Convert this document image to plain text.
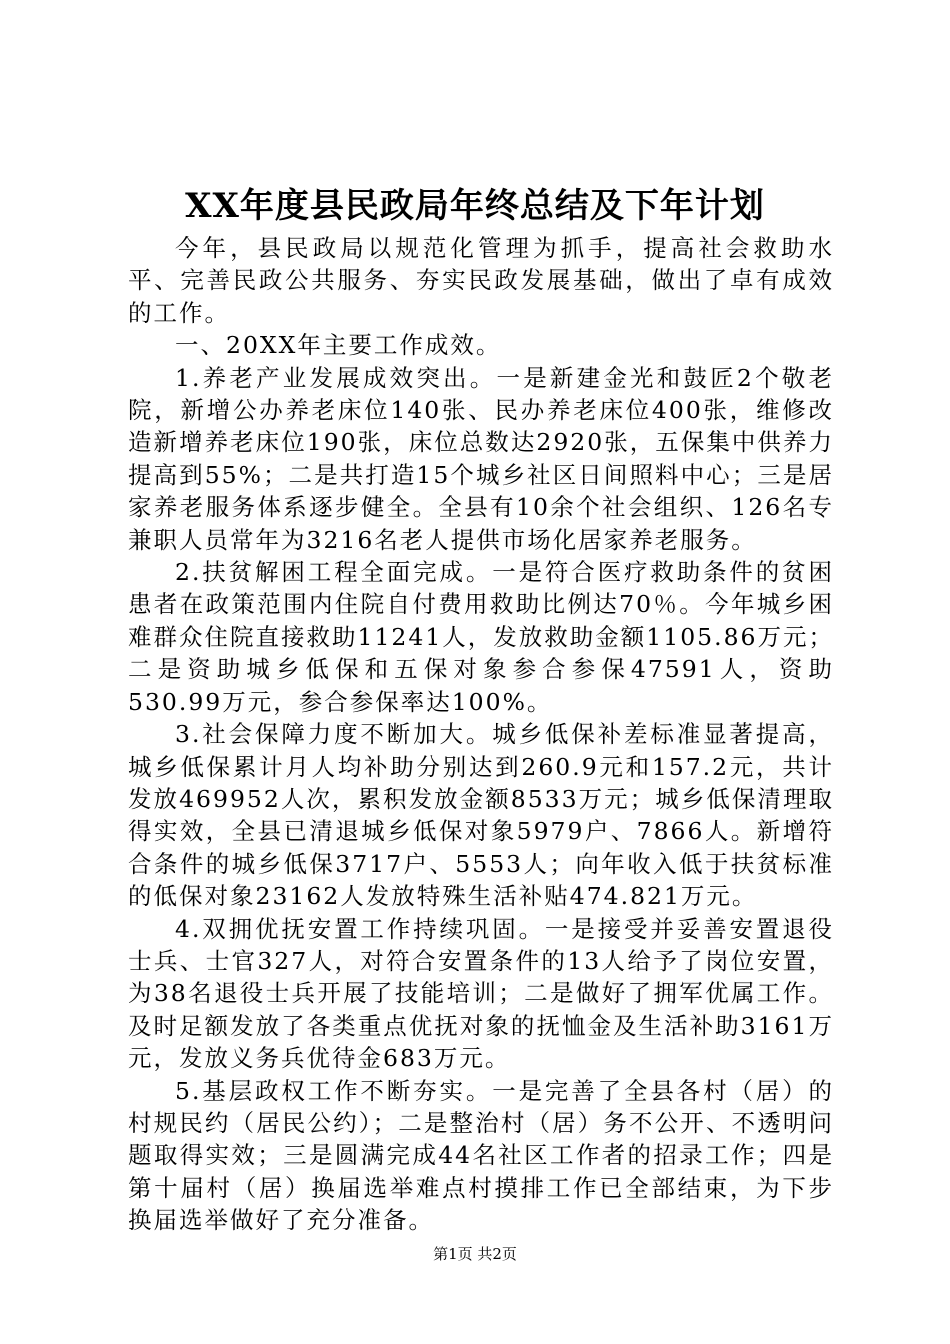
XX年度县民政局年终总结及下年计划

今年，县民政局以规范化管理为抓手，提高社会救助水平、完善民政公共服务、夯实民政发展基础，做出了卓有成效的工作。

一、20XX年主要工作成效。

1.养老产业发展成效突出。一是新建金光和鼓匠2个敬老院，新增公办养老床位140张、民办养老床位400张，维修改造新增养老床位190张，床位总数达2920张，五保集中供养力提高到55%；二是共打造15个城乡社区日间照料中心；三是居家养老服务体系逐步健全。全县有10余个社会组织、126名专兼职人员常年为3216名老人提供市场化居家养老服务。

2.扶贫解困工程全面完成。一是符合医疗救助条件的贫困患者在政策范围内住院自付费用救助比例达70％。今年城乡困难群众住院直接救助11241人，发放救助金额1105.86万元；二是资助城乡低保和五保对象参合参保47591人，资助530.99万元，参合参保率达100%。

3.社会保障力度不断加大。城乡低保补差标准显著提高，城乡低保累计月人均补助分别达到260.9元和157.2元，共计发放469952人次，累积发放金额8533万元；城乡低保清理取得实效，全县已清退城乡低保对象5979户、7866人。新增符合条件的城乡低保3717户、5553人；向年收入低于扶贫标准的低保对象23162人发放特殊生活补贴474.821万元。

4.双拥优抚安置工作持续巩固。一是接受并妥善安置退役士兵、士官327人，对符合安置条件的13人给予了岗位安置，为38名退役士兵开展了技能培训；二是做好了拥军优属工作。及时足额发放了各类重点优抚对象的抚恤金及生活补助3161万元，发放义务兵优待金683万元。

5.基层政权工作不断夯实。一是完善了全县各村（居）的村规民约（居民公约）；二是整治村（居）务不公开、不透明问题取得实效；三是圆满完成44名社区工作者的招录工作；四是第十届村（居）换届选举难点村摸排工作已全部结束，为下步换届选举做好了充分准备。

第1页 共2页
